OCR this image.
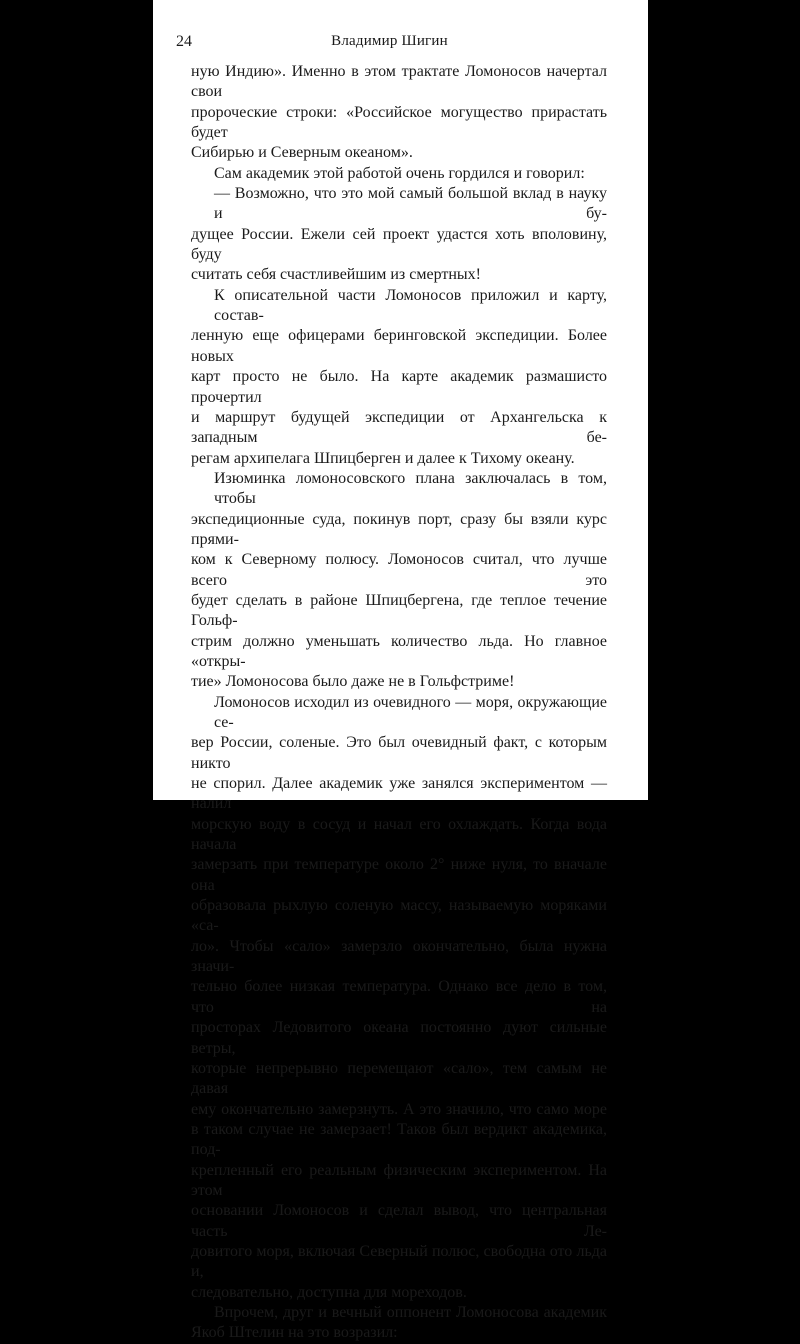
24	Владимир Шигин
ную Индию». Именно в этом трактате Ломоносов начертал свои
пророческие строки: «Российское могущество прирастать будет
Сибирью и Северным океаном».
Сам академик этой работой очень гордился и говорил:
— Возможно, что это мой самый большой вклад в науку и бу-
дущее России. Ежели сей проект удастся хоть вполовину, буду
считать себя счастливейшим из смертных!
К описательной части Ломоносов приложил и карту, состав-
ленную еще офицерами беринговской экспедиции. Более новых
карт просто не было. На карте академик размашисто прочертил
и маршрут будущей экспедиции от Архангельска к западным бе-
регам архипелага Шпицберген и далее к Тихому океану.
Изюминка ломоносовского плана заключалась в том, чтобы
экспедиционные суда, покинув порт, сразу бы взяли курс прями-
ком к Северному полюсу. Ломоносов считал, что лучше всего это
будет сделать в районе Шпицбергена, где теплое течение Гольф-
стрим должно уменьшать количество льда. Но главное «откры-
тие» Ломоносова было даже не в Гольфстриме!
Ломоносов исходил из очевидного — моря, окружающие се-
вер России, соленые. Это был очевидный факт, с которым никто
не спорил. Далее академик уже занялся экспериментом — налил
морскую воду в сосуд и начал его охлаждать. Когда вода начала
замерзать при температуре около 2° ниже нуля, то вначале она
образовала рыхлую соленую массу, называемую моряками «са-
ло». Чтобы «сало» замерзло окончательно, была нужна значи-
тельно более низкая температура. Однако все дело в том, что на
просторах Ледовитого океана постоянно дуют сильные ветры,
которые непрерывно перемещают «сало», тем самым не давая
ему окончательно замерзнуть. А это значило, что само море
в таком случае не замерзает! Таков был вердикт академика, под-
крепленный его реальным физическим экспериментом. На этом
основании Ломоносов и сделал вывод, что центральная часть Ле-
довитого моря, включая Северный полюс, свободна ото льда и,
следовательно, доступна для мореходов.
Впрочем, друг и вечный оппонент Ломоносова академик
Якоб Штелин на это возразил:
